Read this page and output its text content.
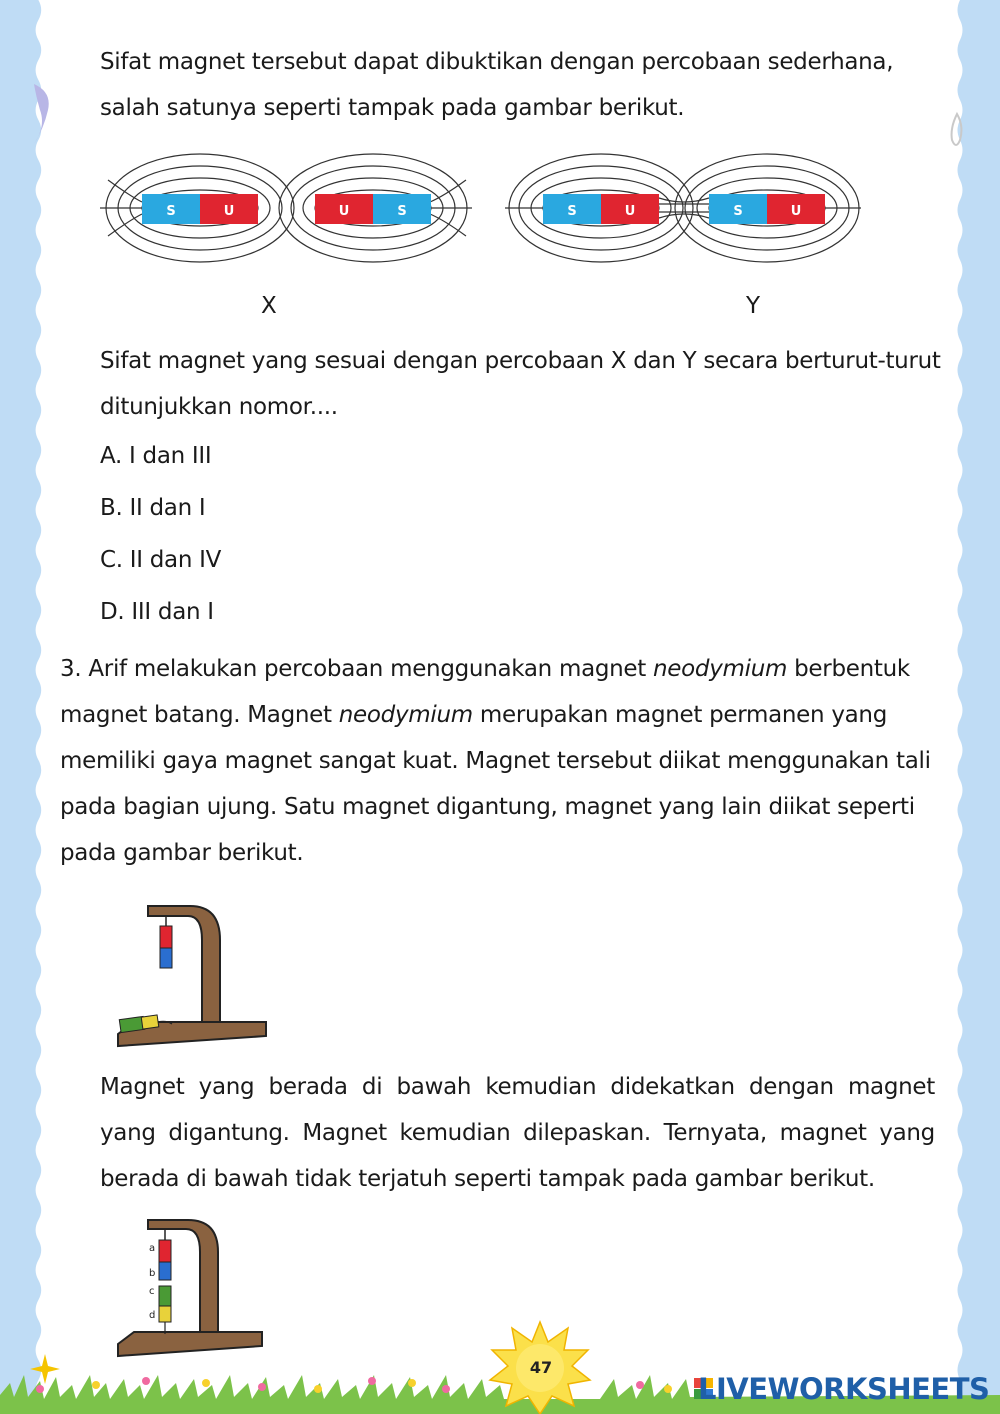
Sifat magnet tersebut dapat dibuktikan dengan percobaan sederhana, salah satunya seperti tampak pada gambar berikut.
S	U	U	S	S	U	S	U
X	Y
Sifat magnet yang sesuai dengan percobaan X dan Y secara berturut-turut ditunjukkan nomor....
A. I dan III
B. II dan I
C. II dan IV
D. III dan I
3. Arif melakukan percobaan menggunakan magnet neodymium berbentuk magnet batang. Magnet neodymium merupakan magnet permanen yang memiliki gaya magnet sangat kuat. Magnet tersebut diikat menggunakan tali pada bagian ujung. Satu magnet digantung, magnet yang lain diikat seperti pada gambar berikut.
Magnet yang berada di bawah kemudian didekatkan dengan magnet yang digantung. Magnet kemudian dilepaskan. Ternyata, magnet yang berada di bawah tidak terjatuh seperti tampak pada gambar berikut.
a
b
c
d
47
LIVEWORKSHEETS
